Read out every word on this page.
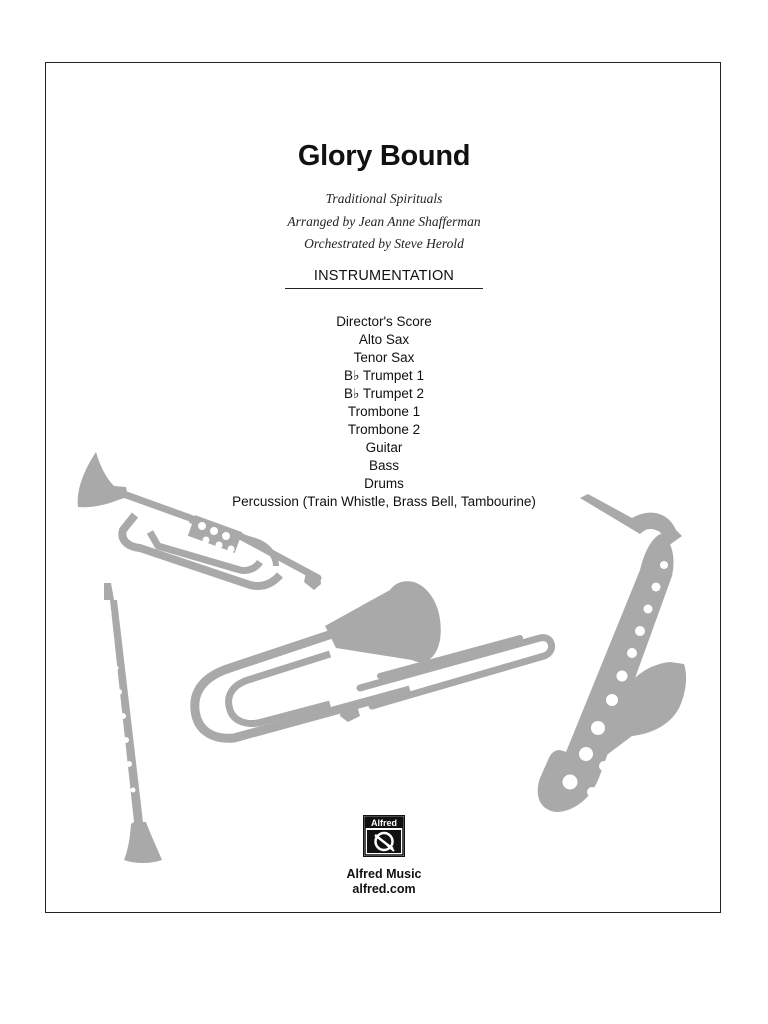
Glory Bound
Traditional Spirituals
Arranged by Jean Anne Shafferman
Orchestrated by Steve Herold
INSTRUMENTATION
Director's Score
Alto Sax
Tenor Sax
B♭ Trumpet 1
B♭ Trumpet 2
Trombone 1
Trombone 2
Guitar
Bass
Drums
Percussion (Train Whistle, Brass Bell, Tambourine)
Alfred
Alfred Music
alfred.com
